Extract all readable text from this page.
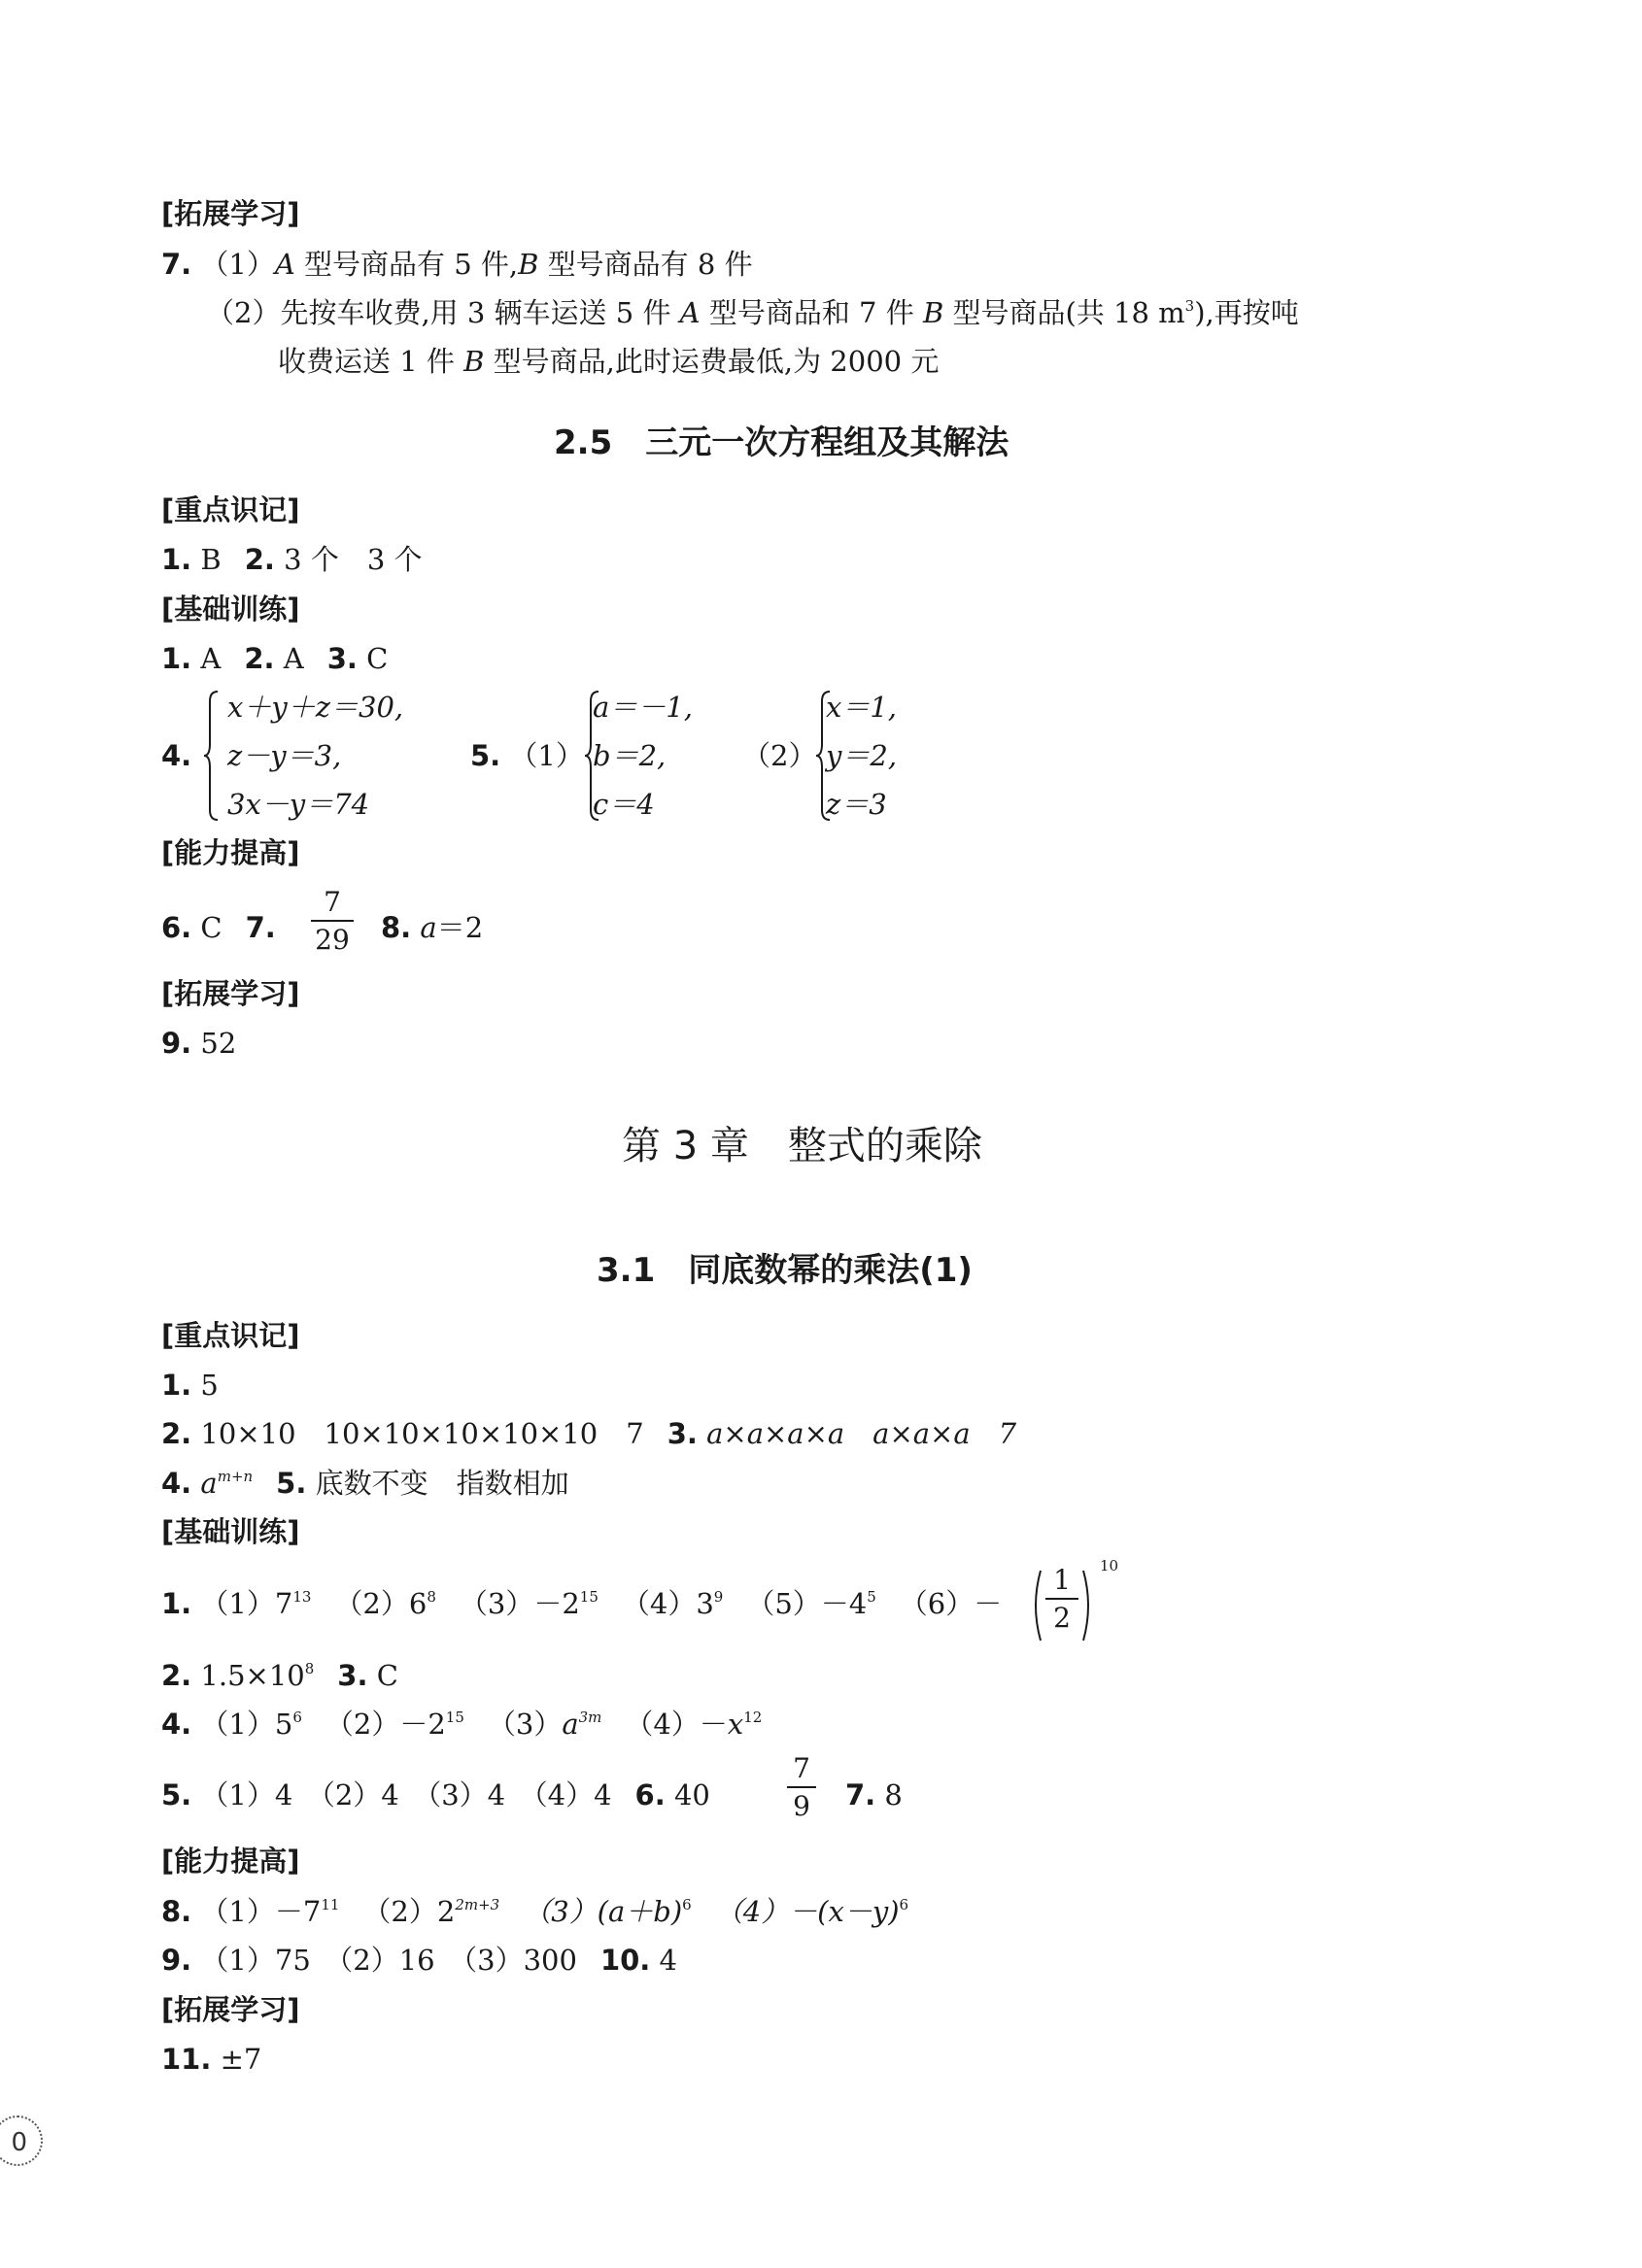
[拓展学习]
7. （1）A 型号商品有 5 件,B 型号商品有 8 件
（2）先按车收费,用 3 辆车运送 5 件 A 型号商品和 7 件 B 型号商品(共 18 $m^3$),再按吨
收费运送 1 件 B 型号商品,此时运费最低,为 2000 元
2.5　三元一次方程组及其解法
[重点识记]
1. B 2. 3 个　3 个
[基础训练]
1. A 2. A 3. C
4.
x＋y＋z＝30,
z－y＝3,
3x－y＝74
5. （1）
a＝－1,
b＝2,
c＝4
（2）
x＝1,
y＝2,
z＝3
[能力提高]
6. C 7.
7
29 8. a＝2
[拓展学习]
9. 52
第 3 章　整式的乘除
3.1　同底数幂的乘法(1)
[重点识记]
1. 5
2. 10×10　10×10×10×10×10　7 3. a×a×a×a　a×a×a　7
4. $a^{m+n}$ 5. 底数不变　指数相加
[基础训练]
1. $(1)7^{13}$ $(2)6^8$ $(3)-2^{15}$ $(4)3^9$ $(5)-4^5$ （6）－
1
2
10
2. $1.5\times 10^8$ 3. C
4. $(1)5^6$ $(2)-2^{15}$ $(3)a^{3m}$ $(4)-x^{12}$
5. （1）4　（2）4　（3）4　（4）4 6. 40
7
9 7. 8
[能力提高]
8. $(1)-7^{11}$ $(2)2^{2m+3}$ $(3)(a+b)^6$ $(4)-(x-y)^6$
9. （1）75　（2）16　（3）300 10. 4
[拓展学习]
11. ±7
0
